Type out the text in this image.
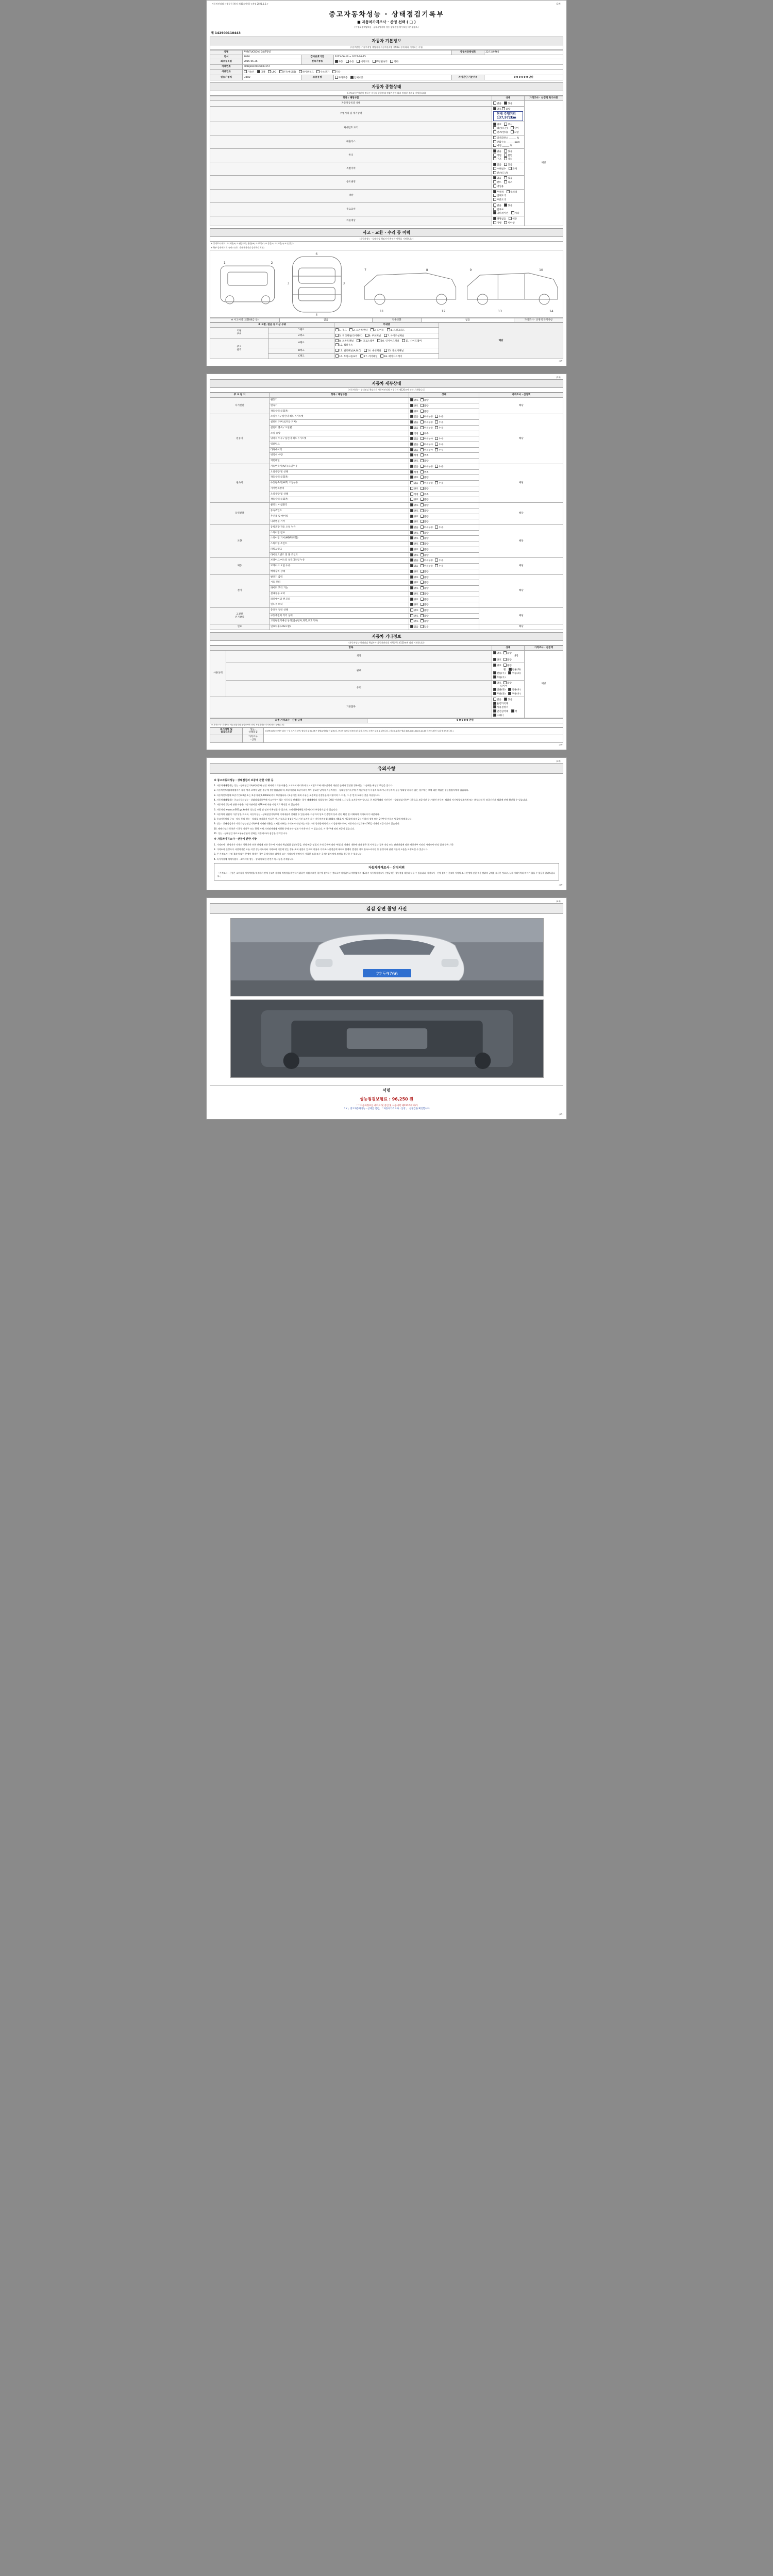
자동차관리법 시행규칙 [별지 제82호서식] <개정 2021.1.5.>	(3쪽)
중고자동차성능 · 상태점검기록부
■ 자동차가격조사 · 산정 선택 ( □ )
(이행보증책임보험 · 공제사업자의 성능·상태점검 의무보험 미가입업소)
제 142900110443
자동차 기본정보
(자동차성능 기록부작성 책임자가 자동차관리법 제58조 등에 따라 기재하는 사항)
차명	투싼(TUCSON) 04년형일			자동차등록번호	22도요9766
연식	2016	검사유효기간	2025-06-16 ~ 2027-06-15		
최초등록일	2015-06-26	변속기종류	자동 수동 세미오토 무단변속기 기타		
차대번호	KMHJ281R0GU003157				
사용연료	가솔린 디젤 LPG 전기(배터리) 하이브리드 수소전기 기타				
원동기형식	D4FD	보증유형	자가보증 업체보증	자기진단 기준거리	0 0 0 0 0 0 만원
자동차 종합상태
(국토교통부장관이 정하는 자동차 종합상태 점검기준에 따라 점검한 결과를 기재합니다)
항목 / 해당부품	상태	가격조사 · 산정액 특기사항
자동차등록증 상태	없음 있음	해당
주행거리 및 계기상태	양호 불량 현재 주행거리 137,972km	
차대번호 표기	양호 부식 훼손(오손) 상이 변조(변타) 도말	
배출가스	일산화탄소 ______ % 탄화수소 ______ ppm 매연 ______ %	
튜닝	없음 있음 적법 불법 구조 장치	
특별이력	없음 있음 수해침수 화재 전손(도난)	
용도변경	없음 있음 렌트 리스 영업용	
색상	무채색 유채색 전체도색 부분도색	
주요옵션	없음 있음 썬루프 내비게이션 기타	
리콜대상	해당없음 해당 이행 미이행	
사고 · 교환 · 수리 등 이력
(자동차성능 · 상태점검 책임자가 확인한 사항을 기재합니다)
※ 상태표시 부호 : ① 교환(X) ② 판금 또는 용접(W) ③ 부식(C) ④ 흠집(A) ⑤ 요철(U) ⑥ 손상(T)
※ 하부 상태부호 표기(사고유무, 기타 부위적인 상태확인 포함)
1	2
6
4
3	3
7	8	9	10
11	12	13	14
※ 사고이력 (교환/판금 등)	없음	단순교환	없음	가격조사 · 산정액 특기사항
※ 교환, 판금 등 이상 부위		부위명	해당
외판
부위	1랭크	1. 후드 2. 프론트팬더 3. 도어류 4. 트렁크리드	
	2랭크	5. 쿼터패널(리어팬더) 6. 루프패널 7. 사이드실패널	
주요
골격	A랭크	8. 프론트패널 9. 크로스멤버 10. 인사이드패널 11. 사이드멤버 12. 휠하우스	
	B랭크	13. 필러패널(A,B,C) 14. 대쉬패널 15. 플로어패널	
	C랭크	16. 트렁크플로어 17. 리어패널 18. 패키지트레이	
(3쪽)
(2쪽)
자동차 세부상태
(자동차성능 · 상태점검 책임자가 자동차관리법 시행규칙 제120조에 따라 기재합니다)
주 요 장 치	항목 / 해당부품	상태	가격조사 · 산정액
자기진단	원동기	양호 불량	해당
	변속기	양호 불량	
	작동상태(공회전)	양호 불량	
원동기	오일누유 / 실린더 헤드 / 가스켓	없음 미세누유 누유	해당
	실린더 커버(로커암 커버)	없음 미세누유 누유	
	실린더 블록 / 오일팬	없음 미세누유 누유	
	오일 유량	적정 부족	
	냉각수 누수 / 실린더 헤드 / 가스켓	없음 미세누수 누수	
	워터펌프	없음 미세누수 누수	
	라디에이터	없음 미세누수 누수	
	냉각수 수량	적정 부족	
	커먼레일	양호 불량	
변속기	자동변속기(A/T) 오일누유	없음 미세누유 누유	해당
	오일유량 및 상태	적정 부족	
	작동상태(공회전)	양호 불량	
	수동변속기(M/T) 오일누유	없음 미세누유 누유	
	기어변속장치	양호 불량	
	오일유량 및 상태	적정 부족	
	작동상태(공회전)	양호 불량	
동력전달	클러치 어셈블리	양호 불량	해당
	등속조인트	양호 불량	
	추진축 및 베어링	양호 불량	
	디퍼렌셜 기어	양호 불량	
조향	동력조향 작동 오일 누유	없음 미세누유 누유	해당
	스티어링 펌프	양호 불량	
	스티어링 기어(MDPS포함)	양호 불량	
	스티어링 조인트	양호 불량	
	파워크랭크	양호 불량	
	타이로드엔드 및 볼 조인트	양호 불량	
제동	브레이크 마스터 실린더오일 누유	없음 미세누유 누유	해당
	브레이크 오일 누유	없음 미세누유 누유	
	배력장치 상태	양호 불량	
전기	발전기 출력	양호 불량	해당
	시동 모터	양호 불량	
	와이퍼 모터 기능	양호 불량	
	실내송풍 모터	양호 불량	
	라디에이터 팬 모터	양호 불량	
	윈도우 모터	양호 불량	
고전원
전기장치	충전구 절연 상태	양호 불량	해당
	구동축전지 격리 상태	양호 불량	
	고전원전기배선 상태(접속단자,피복,보호기구)	양호 불량	
연료	연료누출(LPG포함)	없음 있음	해당
자동차 기타정보
(자동차성능·상태점검 책임자가 자동차관리법 시행규칙 제120조에 따라 기재합니다)
항목		상태	가격조사 · 산정액
사용상태	외장	양호 불량 내장 양호 불량	해당
	광택	양호 불량 휠 전륜(좌) 전륜(우) 후륜(좌) 후륜(우)	
	유리	양호 불량 타이어 전륜(좌) 전륜(우) 후륜(좌) 후륜(우)	
기본품목		없음 있음 운행기록계 사용설명서 안전삼각대 잭 스패너	
최종 가격조사 · 산정 금액	0 0 0 0 0 만원
※ 가격조사 · 산정자는 성능점검자와 동일하여야 하며, 차량가격은 부가세 별도 금액입니다.
특기사항 및
점검자의견	성능 ·
상태점검	앞뒤번호판과 도색은 있음 → 당 초기의 앞면, 뒷부가 없음(내용은 불법튜닝범위인 없음)임. 중고차 특성상 부품의 본 부식,리프트 도색은 있을 수 있습니다. (사고유무기준 범위 305-0001-6025-10-39 마모/시,확인 도갑 명시드립니다.)
	가격조사
· 산정	
(2쪽)
(3쪽)
유의사항
※ 중고자동차성능 · 상태점검자 보증에 관한 사항 등

1. 자동차매매업자는 성능 · 상태점검기록부(자동차 산정 제외에 기재한 내용을 고지하지 아니하거나 고지했으로써 매수인에게 재산상 손해가 발생한 경우에는 그 손해를 배상할 책임을 집니다.

2. 자동차인도일(매매업자가 자가 정비 고객가 있는 경우에 성능점검일)부터 보증기간과 보증거리가 모두 종료한 날까지 자동차성능 · 상태점검기록부에 기재된 내용이 사실과 다르거나 자동차의 성능·상태상 하자가 있는 경우에는 그에 대한 책임은 성능점검자에게 있습니다.

3. 자동차인도일에 보증기간(30일 또는 보증거리(2,000km)까지 보증됩니다. (보증기간 제외 사유는 보증책임 산정물본의 이행이며 그 이후, 그 중 먼저 도래한 것을 적용됩니다.

4. 자동차매매업자는 중고자동차성능 · 상태점검기록부에 사고이력이 있는 자동차를 판매하는 경우 매매계약의 성립일부터 30일 이내에 그 사실을 고지하여야 합니다. 중 보증형태의 기간동안 · 상태점검기록부 내용으로 보증기간 중 거래된 자동차, 범위의 자기명합정보관계 또는 보험처리 등 보증기간과 범위에 관해 확인할 수 있습니다.

5. 자동차의 성능에 관한 사항은 자동차관리법 제58조에 따른 사항으로 확인할 수 있습니다.

6. 자동차의 www.car365.go.kr에서 성능을 조회 및 정보가 확인할 수 있으며, 소비자분쟁해결기준에 따라 보상받으실 수 있습니다.

7. 자동차의 위험이 가장 당한 것으로, 자동차성능 · 상태점검기록부의 기재내용과 신뢰할 수 있습니다. 자동차의 당초 인증범위 등과 관련 확인 및 이해하여 거래하시기 바랍니다.

8. 중고자동차의 구조 · 장치 등의 성능 · 상태를 고지하지 아니한 것, 거짓으로 점검하거나 거짓 고지한 자는 자동차관리법 제80조 제6호 및 제7호에 따라 2년 이하의 징역 또는 2천만원 이하의 벌금에 처해집니다.

9. 성능 · 상태점검자가 자동차성능점검기록부에 기재된 내용을 고지할 때에는 가격조사·산정자는 이를 거래 상대방에게 반드시 설명해야 하며, 자동차인도일로부터 30일 이내의 보증기간이 있습니다.

10. 매매사업자 등록은 시군구 자치구 또는 광역 자체 자치권자에게 시행령 등에 따라 정보가 이용·허가 수 있습니다. 시·군·구에 따라 보증이 있습니다.

11. 성능 · 상태점검 국토교통부장관이 정하는 기준에 따라 점검한 결과입니다.

※ 자동차가격조사 · 산정에 관한 사항

1. 가격조사 · 산정자가 자체의 상황기반 보존 방법에 따른 준수사 거래의 책임범위 설정 (공급, 산정·보증 정밀의 가격 금액에 따라 부합)과 거래의 내용에 따라 좋은 표시가 있는 경우 적당 또는 관련방법에 따른 배상여부 이외의 가격조사·산정 결과 등록 기준

2. 가격조사 산정자가 사정되기준 모든 이상 성능기록서와 가격조사 기준에 맞는 경우 조회 권한이 있으며 이용자 가격조사·산정금액 대하여 분쟁이 발생한 경우 한국소비자원 등 공정거래 관련 기관의 도움을 요청하실 수 있습니다.

3. 본 가격조사·산정 결과에 대한 분쟁이 발생한 경우 공제사업의 대상자 또는 가격조사·산정자가 가입한 보험 또는 공제사업자에게 보상을 청구할 수 있습니다.

4. 특기사항에 매매사업자 · 소비자에 성능 · 상태에 대한 관련기재 사항을 기재합니다.

자동차가격조사 · 산정의뢰
「가격조사 · 산정은 소비자가 매매계약을 체결하기 전에 중고차 가격의 적정성을 확인하기 위하여 직접 의뢰한 경우에 실시하는 것으로써 매매업자나 매매업체의 제3자가 자동차가격조사·산정금액은 성능점검 내용과 다를 수 있습니다. 가격조사 · 산정 결과는 중고차 가격의 조사·산정에 관한 적용 범위의 금액을 제시한 것으로, 실제 거래가격과 차이가 있을 수 있음을 알려드립니다.」
(3쪽)
(4쪽)
검검 장면 촬영 사진
22도9766
서명
성능점검보험료 : 96,250 원
「 * 자동차정보를 세와표 및 공인 및 사용내역 제120조에 따라
「 Y 」중고자동차성능 · 상태를 점검, 「 자동차가격조사 · 산정 」 산정검을 확인합니다.
(4쪽)
